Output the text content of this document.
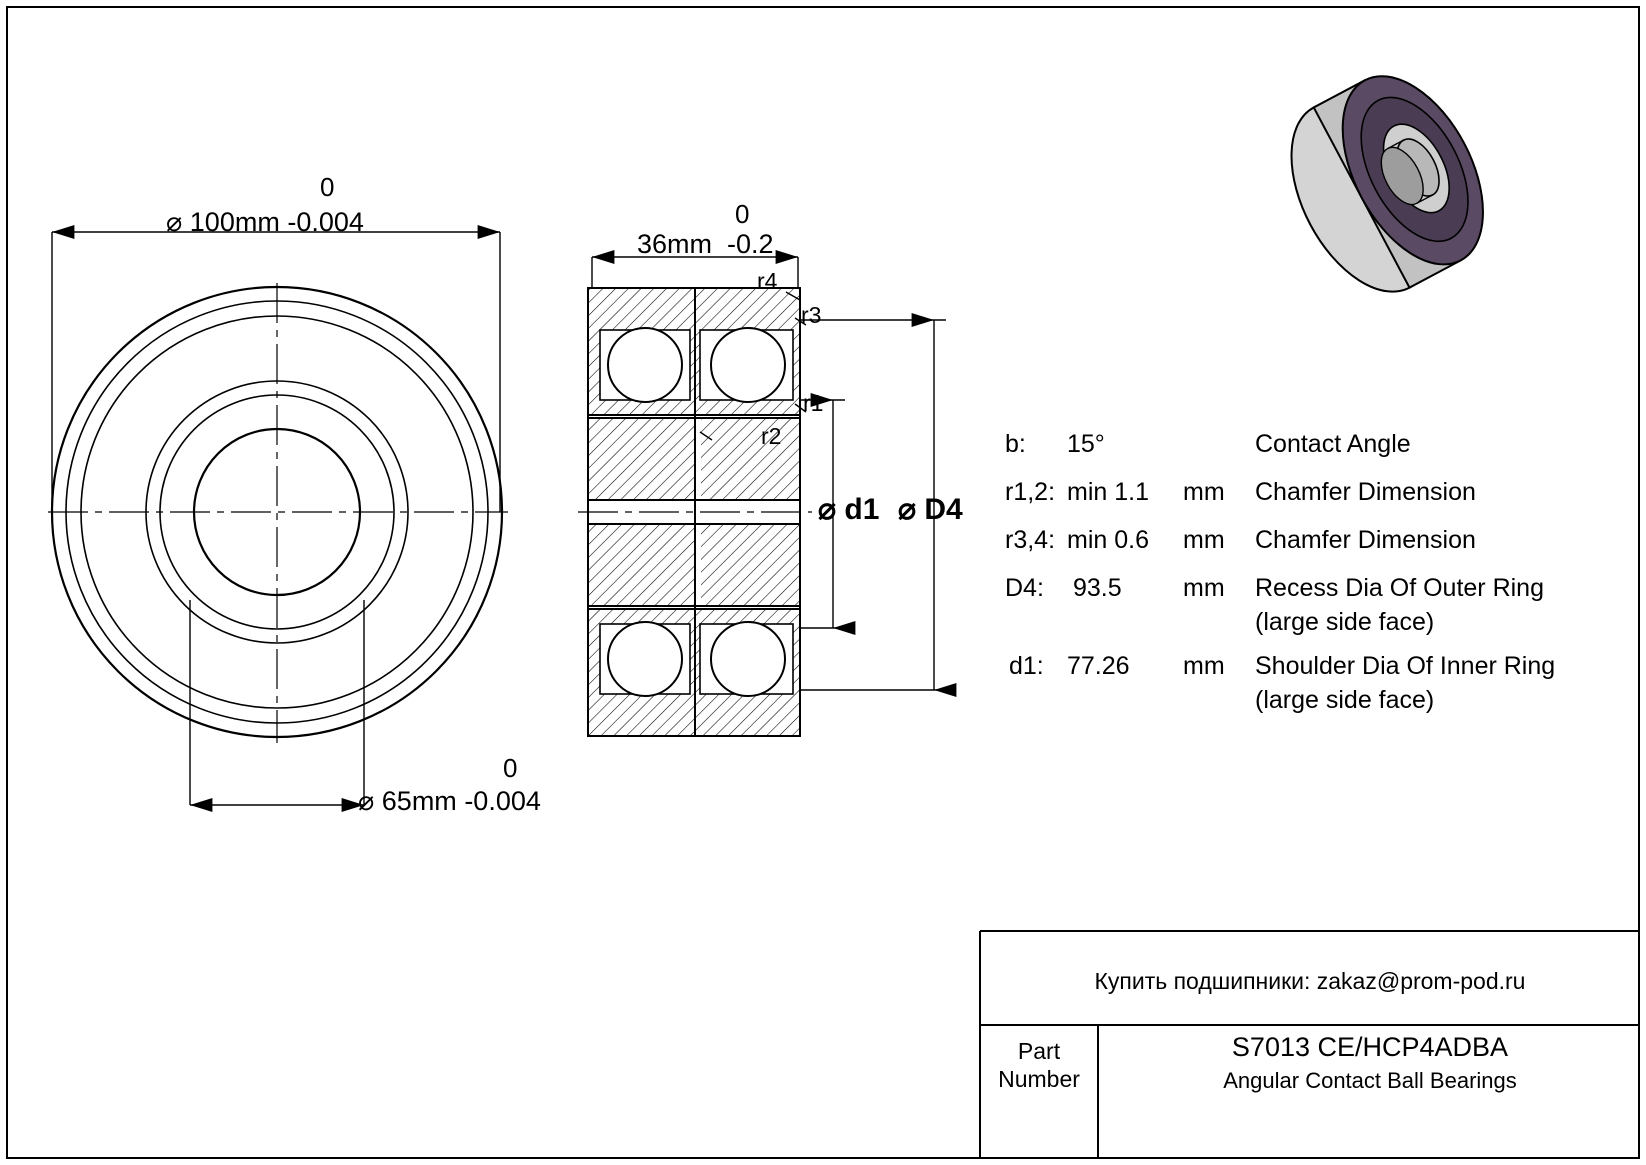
0
⌀ 100mm -0.004
0
⌀ 65mm -0.004
0
36mm -0.2
r4
r3
r1
r2
⌀ d1 ⌀ D4
b: 15°	Contact Angle
r1,2: min 1.1 mm Chamfer Dimension
r3,4: min 0.6 mm Chamfer Dimension
D4: 93.5 mm Recess Dia Of Outer Ring
(large side face)
d1: 77.26 mm Shoulder Dia Of Inner Ring
(large side face)
Купить подшипники: zakaz@prom-pod.ru
Part
Number
S7013 CE/HCP4ADBA
Angular Contact Ball Bearings
